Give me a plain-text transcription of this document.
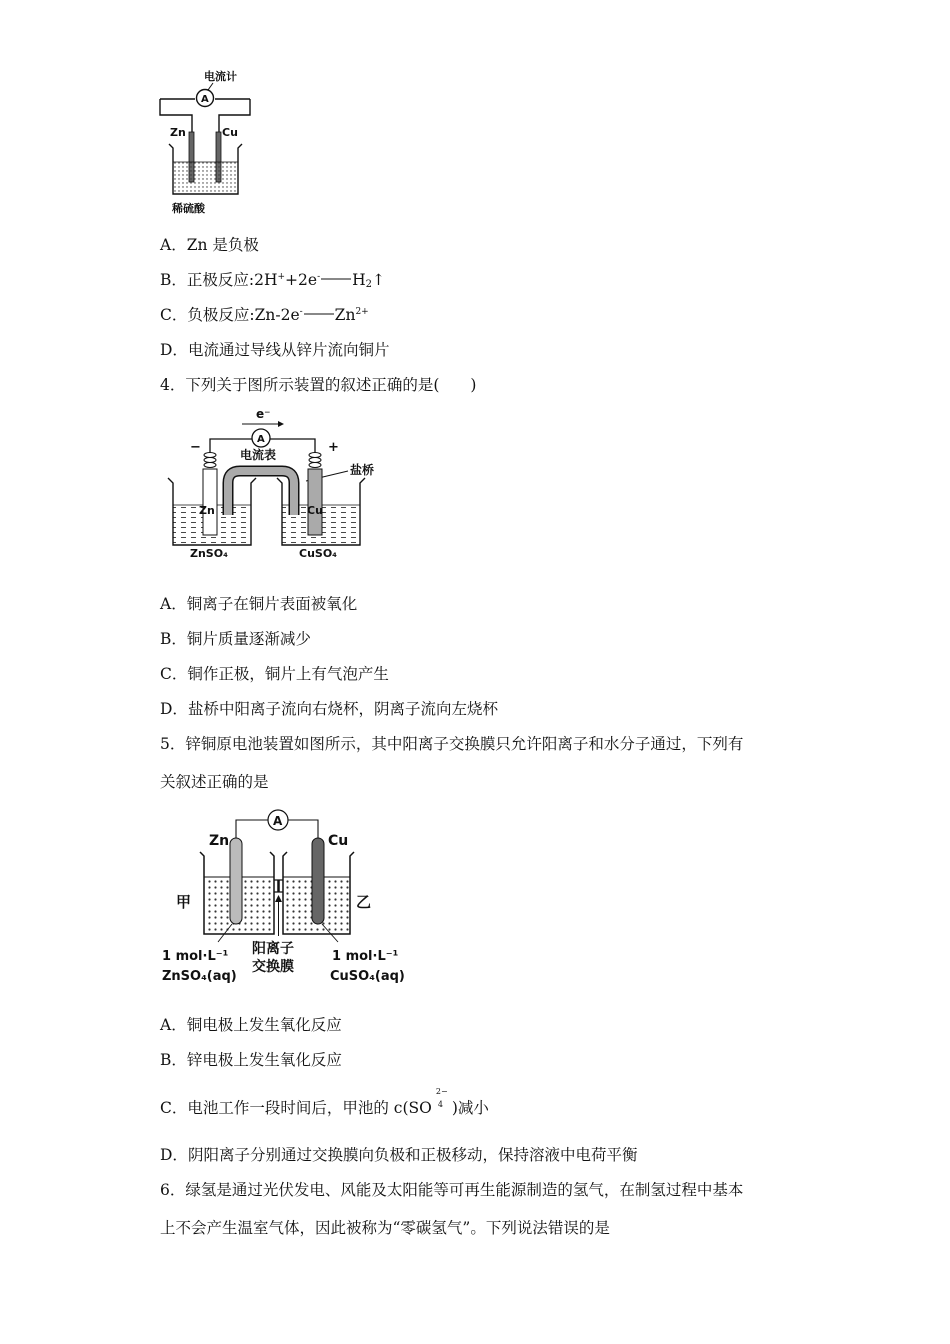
电流计
A
Zn	Cu
稀硫酸
A．Zn 是负极
B．正极反应:2H++2e- $H_2↑$
C．负极反应:Zn-2e- $Zn^{2+}$
D．电流通过导线从锌片流向铜片
4．下列关于图所示装置的叙述正确的是(　　)
e⁻
A
−	+
电流表
盐桥
Zn	Cu
ZnSO₄	CuSO₄
A．铜离子在铜片表面被氧化
B．铜片质量逐渐减少
C．铜作正极，铜片上有气泡产生
D．盐桥中阳离子流向右烧杯，阴离子流向左烧杯
5．锌铜原电池装置如图所示，其中阳离子交换膜只允许阳离子和水分子通过，下列有
关叙述正确的是
A
Zn	Cu
甲	乙
阳离子
交换膜
1 mol·L⁻¹
ZnSO₄(aq)
1 mol·L⁻¹
CuSO₄(aq)
A．铜电极上发生氧化反应
B．锌电极上发生氧化反应
C．电池工作一段时间后，甲池的 c(SO
2−
4 )减小
D．阴阳离子分别通过交换膜向负极和正极移动，保持溶液中电荷平衡
6．绿氢是通过光伏发电、风能及太阳能等可再生能源制造的氢气，在制氢过程中基本
上不会产生温室气体，因此被称为“零碳氢气”。下列说法错误的是
